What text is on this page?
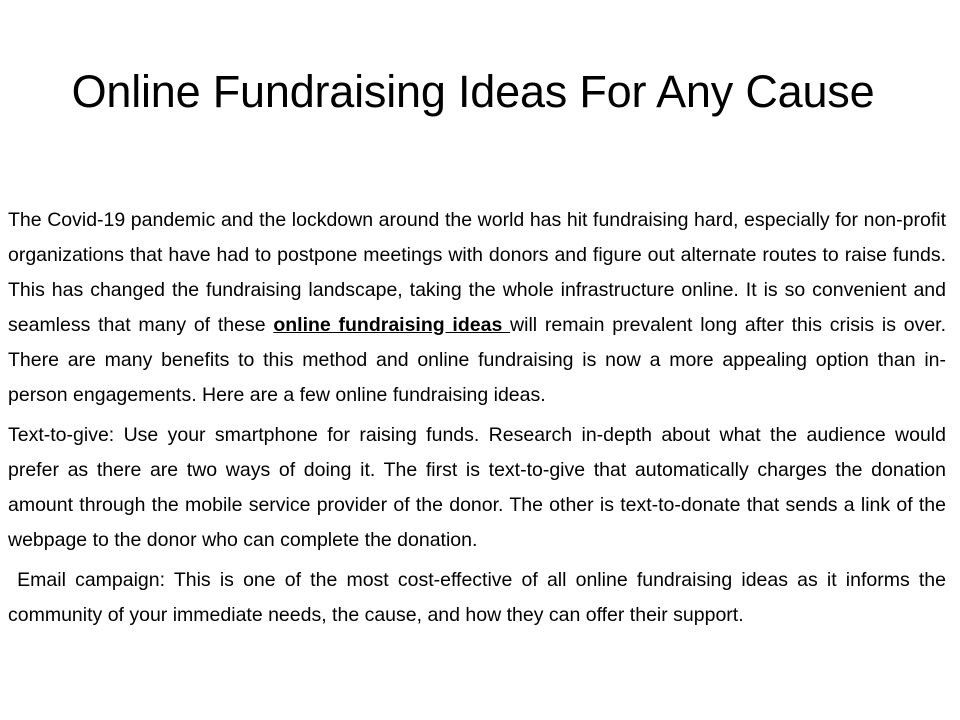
Online Fundraising Ideas For Any Cause

The Covid-19 pandemic and the lockdown around the world has hit fundraising hard, especially for non-profit organizations that have had to postpone meetings with donors and figure out alternate routes to raise funds. This has changed the fundraising landscape, taking the whole infrastructure online. It is so convenient and seamless that many of these online fundraising ideas will remain prevalent long after this crisis is over. There are many benefits to this method and online fundraising is now a more appealing option than in-person engagements. Here are a few online fundraising ideas.

Text-to-give: Use your smartphone for raising funds. Research in-depth about what the audience would prefer as there are two ways of doing it. The first is text-to-give that automatically charges the donation amount through the mobile service provider of the donor. The other is text-to-donate that sends a link of the webpage to the donor who can complete the donation.

Email campaign: This is one of the most cost-effective of all online fundraising ideas as it informs the community of your immediate needs, the cause, and how they can offer their support.
